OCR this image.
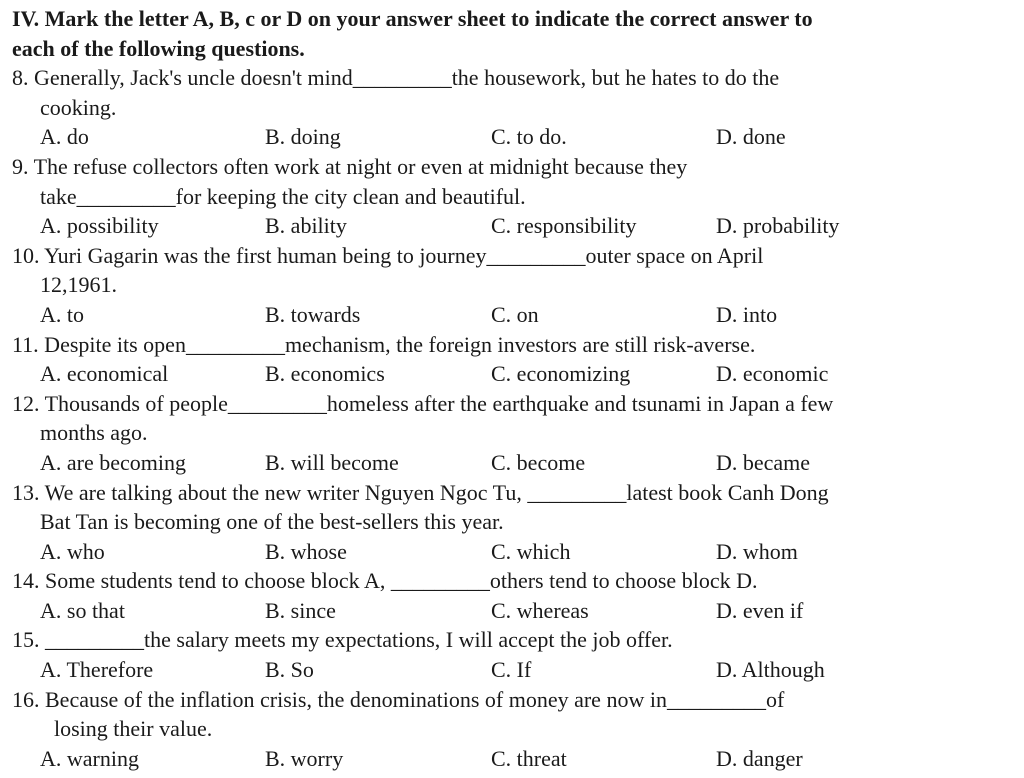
IV. Mark the letter A, B, c or D on your answer sheet to indicate the correct answer to
each of the following questions.
8. Generally, Jack's uncle doesn't mind_________the housework, but he hates to do the
cooking.
A. do	B. doing	C. to do.	D. done
9. The refuse collectors often work at night or even at midnight because they
take_________for keeping the city clean and beautiful.
A. possibility	B. ability	C. responsibility	D. probability
10. Yuri Gagarin was the first human being to journey_________outer space on April
12,1961.
A. to	B. towards	C. on	D. into
11. Despite its open_________mechanism, the foreign investors are still risk-averse.
A. economical	B. economics	C. economizing	D. economic
12. Thousands of people_________homeless after the earthquake and tsunami in Japan a few
months ago.
A. are becoming	B. will become	C. become	D. became
13. We are talking about the new writer Nguyen Ngoc Tu, _________latest book Canh Dong
Bat Tan is becoming one of the best-sellers this year.
A. who	B. whose	C. which	D. whom
14. Some students tend to choose block A, _________others tend to choose block D.
A. so that	B. since	C. whereas	D. even if
15. _________the salary meets my expectations, I will accept the job offer.
A. Therefore	B. So	C. If	D. Although
16. Because of the inflation crisis, the denominations of money are now in_________of
losing their value.
A. warning	B. worry	C. threat	D. danger
